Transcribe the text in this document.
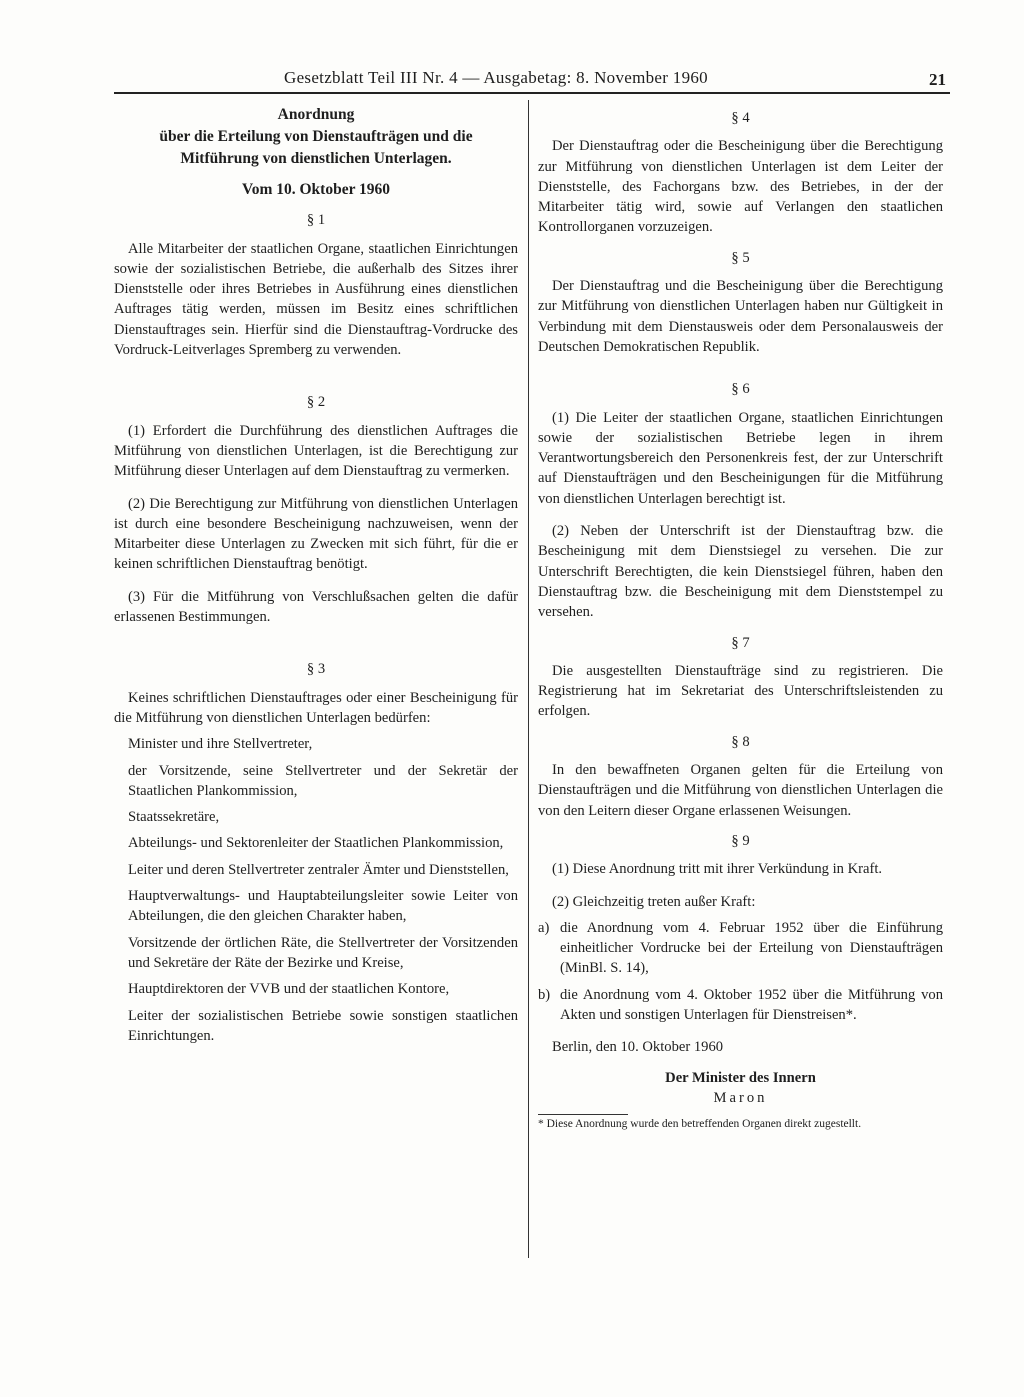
Gesetzblatt Teil III Nr. 4 — Ausgabetag: 8. November 1960	21
Anordnung
über die Erteilung von Dienstaufträgen und die
Mitführung von dienstlichen Unterlagen.
Vom 10. Oktober 1960
§ 1

Alle Mitarbeiter der staatlichen Organe, staatlichen Einrichtungen sowie der sozialistischen Betriebe, die außerhalb des Sitzes ihrer Dienststelle oder ihres Betriebes in Ausführung eines dienstlichen Auftrages tätig werden, müssen im Besitz eines schriftlichen Dienstauftrages sein. Hierfür sind die Dienstauftrag-Vordrucke des Vordruck-Leitverlages Spremberg zu verwenden.

§ 2

(1) Erfordert die Durchführung des dienstlichen Auftrages die Mitführung von dienstlichen Unterlagen, ist die Berechtigung zur Mitführung dieser Unterlagen auf dem Dienstauftrag zu vermerken.

(2) Die Berechtigung zur Mitführung von dienstlichen Unterlagen ist durch eine besondere Bescheinigung nachzuweisen, wenn der Mitarbeiter diese Unterlagen zu Zwecken mit sich führt, für die er keinen schriftlichen Dienstauftrag benötigt.

(3) Für die Mitführung von Verschlußsachen gelten die dafür erlassenen Bestimmungen.

§ 3

Keines schriftlichen Dienstauftrages oder einer Bescheinigung für die Mitführung von dienstlichen Unterlagen bedürfen:

Minister und ihre Stellvertreter,
der Vorsitzende, seine Stellvertreter und der Sekretär der Staatlichen Plankommission,
Staatssekretäre,
Abteilungs- und Sektorenleiter der Staatlichen Plankommission,
Leiter und deren Stellvertreter zentraler Ämter und Dienststellen,
Hauptverwaltungs- und Hauptabteilungsleiter sowie Leiter von Abteilungen, die den gleichen Charakter haben,
Vorsitzende der örtlichen Räte, die Stellvertreter der Vorsitzenden und Sekretäre der Räte der Bezirke und Kreise,
Hauptdirektoren der VVB und der staatlichen Kontore,
Leiter der sozialistischen Betriebe sowie sonstigen staatlichen Einrichtungen.
§ 4

Der Dienstauftrag oder die Bescheinigung über die Berechtigung zur Mitführung von dienstlichen Unterlagen ist dem Leiter der Dienststelle, des Fachorgans bzw. des Betriebes, in der der Mitarbeiter tätig wird, sowie auf Verlangen den staatlichen Kontrollorganen vorzuzeigen.

§ 5

Der Dienstauftrag und die Bescheinigung über die Berechtigung zur Mitführung von dienstlichen Unterlagen haben nur Gültigkeit in Verbindung mit dem Dienstausweis oder dem Personalausweis der Deutschen Demokratischen Republik.

§ 6

(1) Die Leiter der staatlichen Organe, staatlichen Einrichtungen sowie der sozialistischen Betriebe legen in ihrem Verantwortungsbereich den Personenkreis fest, der zur Unterschrift auf Dienstaufträgen und den Bescheinigungen für die Mitführung von dienstlichen Unterlagen berechtigt ist.

(2) Neben der Unterschrift ist der Dienstauftrag bzw. die Bescheinigung mit dem Dienstsiegel zu versehen. Die zur Unterschrift Berechtigten, die kein Dienstsiegel führen, haben den Dienstauftrag bzw. die Bescheinigung mit dem Dienststempel zu versehen.

§ 7

Die ausgestellten Dienstaufträge sind zu registrieren. Die Registrierung hat im Sekretariat des Unterschriftsleistenden zu erfolgen.

§ 8

In den bewaffneten Organen gelten für die Erteilung von Dienstaufträgen und die Mitführung von dienstlichen Unterlagen die von den Leitern dieser Organe erlassenen Weisungen.

§ 9

(1) Diese Anordnung tritt mit ihrer Verkündung in Kraft.

(2) Gleichzeitig treten außer Kraft:

a) die Anordnung vom 4. Februar 1952 über die Einführung einheitlicher Vordrucke bei der Erteilung von Dienstaufträgen (MinBl. S. 14),
b) die Anordnung vom 4. Oktober 1952 über die Mitführung von Akten und sonstigen Unterlagen für Dienstreisen*.

Berlin, den 10. Oktober 1960

Der Minister des Innern
Maron

* Diese Anordnung wurde den betreffenden Organen direkt zugestellt.
